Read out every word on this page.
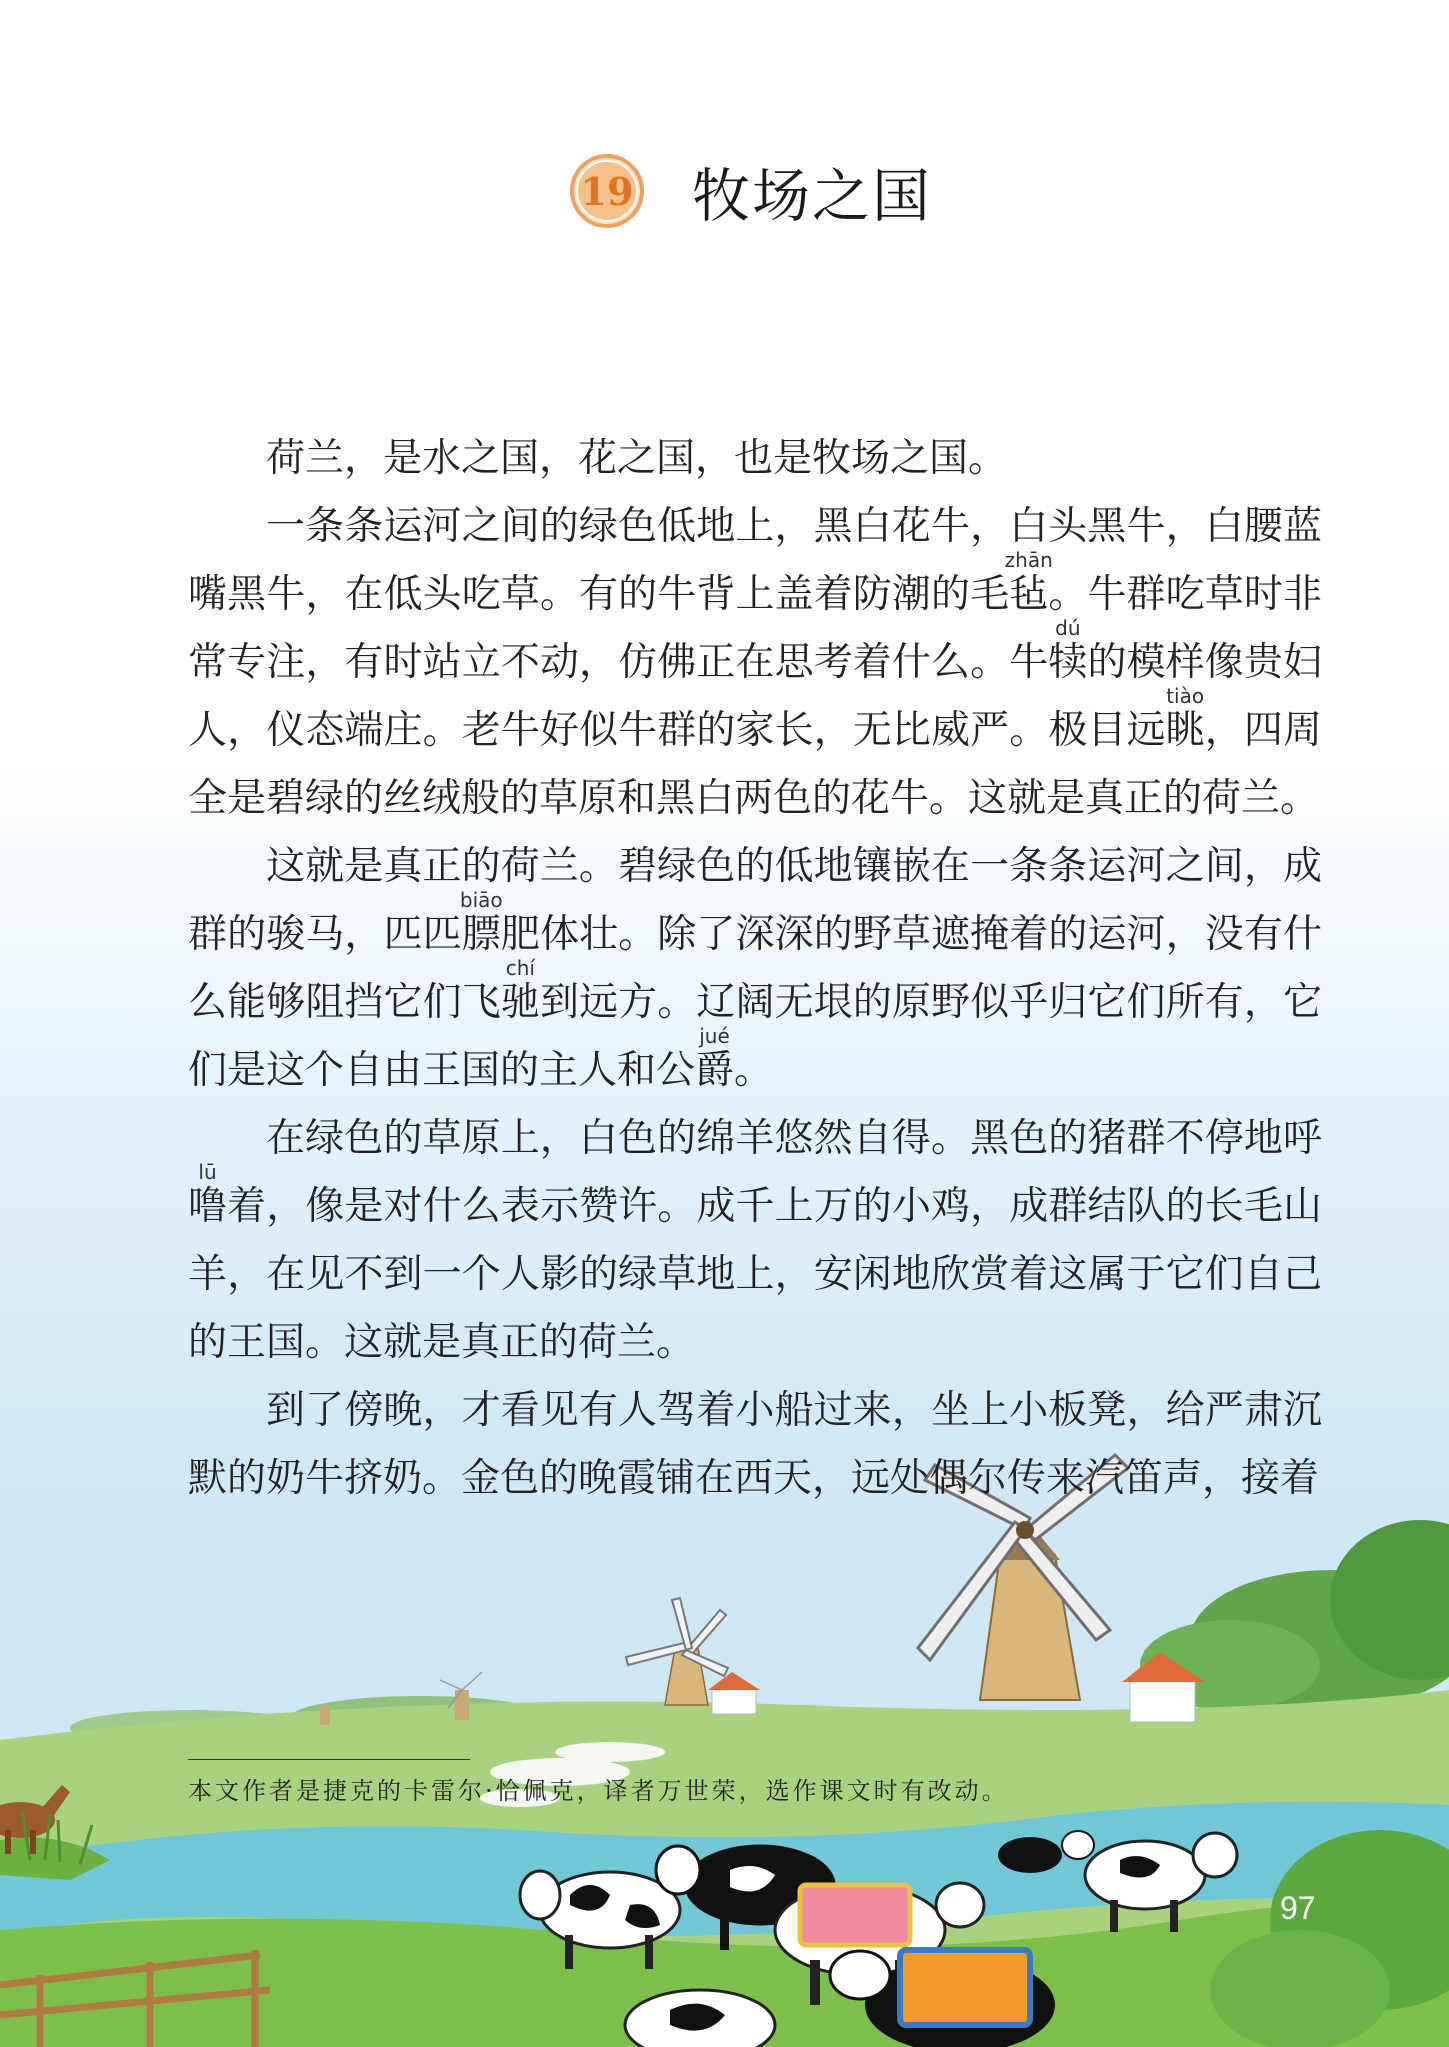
19 牧场之国

荷兰，是水之国，花之国，也是牧场之国。

一条条运河之间的绿色低地上，黑白花牛，白头黑牛，白腰蓝嘴黑牛，在低头吃草。有的牛背上盖着防潮的毛毡zhān。牛群吃草时非常专注，有时站立不动，仿佛正在思考着什么。牛犊dú的模样像贵妇人，仪态端庄。老牛好似牛群的家长，无比威严。极目远眺tiào，四周全是碧绿的丝绒般的草原和黑白两色的花牛。这就是真正的荷兰。

这就是真正的荷兰。碧绿色的低地镶嵌在一条条运河之间，成群的骏马，匹匹膘biāo肥体壮。除了深深的野草遮掩着的运河，没有什么能够阻挡它们飞驰chí到远方。辽阔无垠的原野似乎归它们所有，它们是这个自由王国的主人和公爵jué。

在绿色的草原上，白色的绵羊悠然自得。黑色的猪群不停地呼噜lū着，像是对什么表示赞许。成千上万的小鸡，成群结队的长毛山羊，在见不到一个人影的绿草地上，安闲地欣赏着这属于它们自己的王国。这就是真正的荷兰。

到了傍晚，才看见有人驾着小船过来，坐上小板凳，给严肃沉默的奶牛挤奶。金色的晚霞铺在西天，远处偶尔传来汽笛声，接着

本文作者是捷克的卡雷尔·恰佩克，译者万世荣，选作课文时有改动。
97
